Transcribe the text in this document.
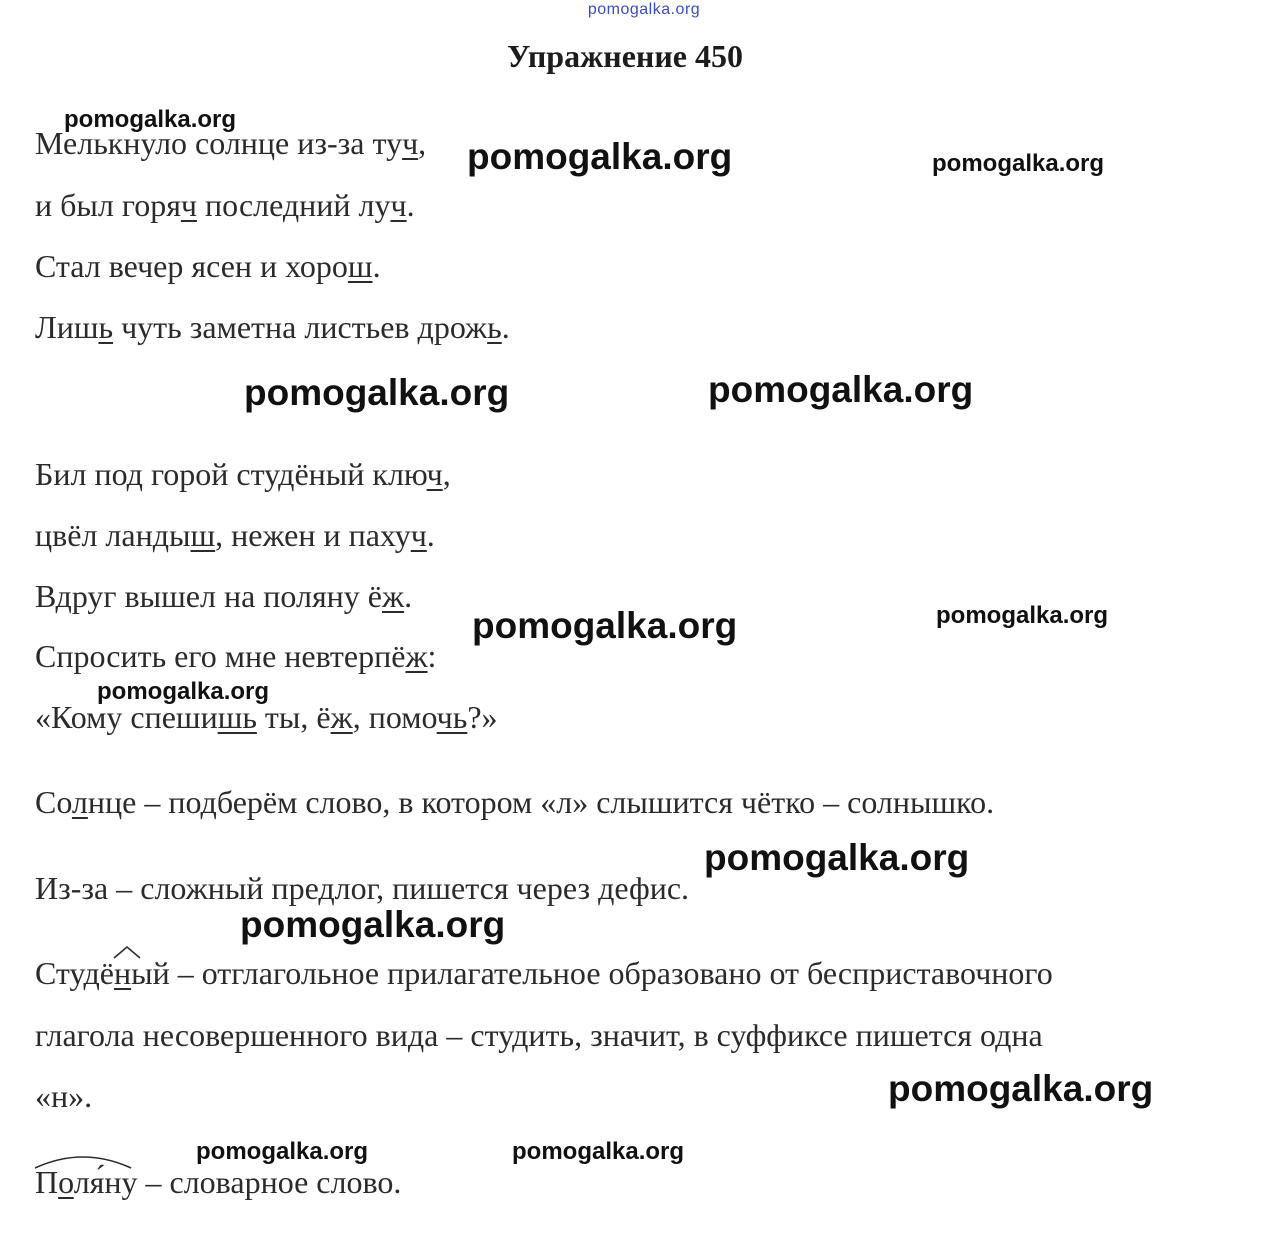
pomogalka.org
Упражнение 450
Мелькнуло солнце из-за туч,
и был горяч последний луч.
Стал вечер ясен и хорош.
Лишь чуть заметна листьев дрожь.
Бил под горой студёный ключ,
цвёл ландыш, нежен и пахуч.
Вдруг вышел на поляну ёж.
Спросить его мне невтерпёж:
«Кому спешишь ты, ёж, помочь?»
Солнце – подберём слово, в котором «л» слышится чётко – солнышко.
Из-за – сложный предлог, пишется через дефис.
Студёный – отглагольное прилагательное образовано от бесприставочного
глагола несовершенного вида – студить, значит, в суффиксе пишется одна
«н».
Поля́ну – словарное слово.
pomogalka.org
pomogalka.org	pomogalka.org
pomogalka.org	pomogalka.org
pomogalka.org	pomogalka.org
pomogalka.org
pomogalka.org
pomogalka.org
pomogalka.org
pomogalka.org	pomogalka.org
